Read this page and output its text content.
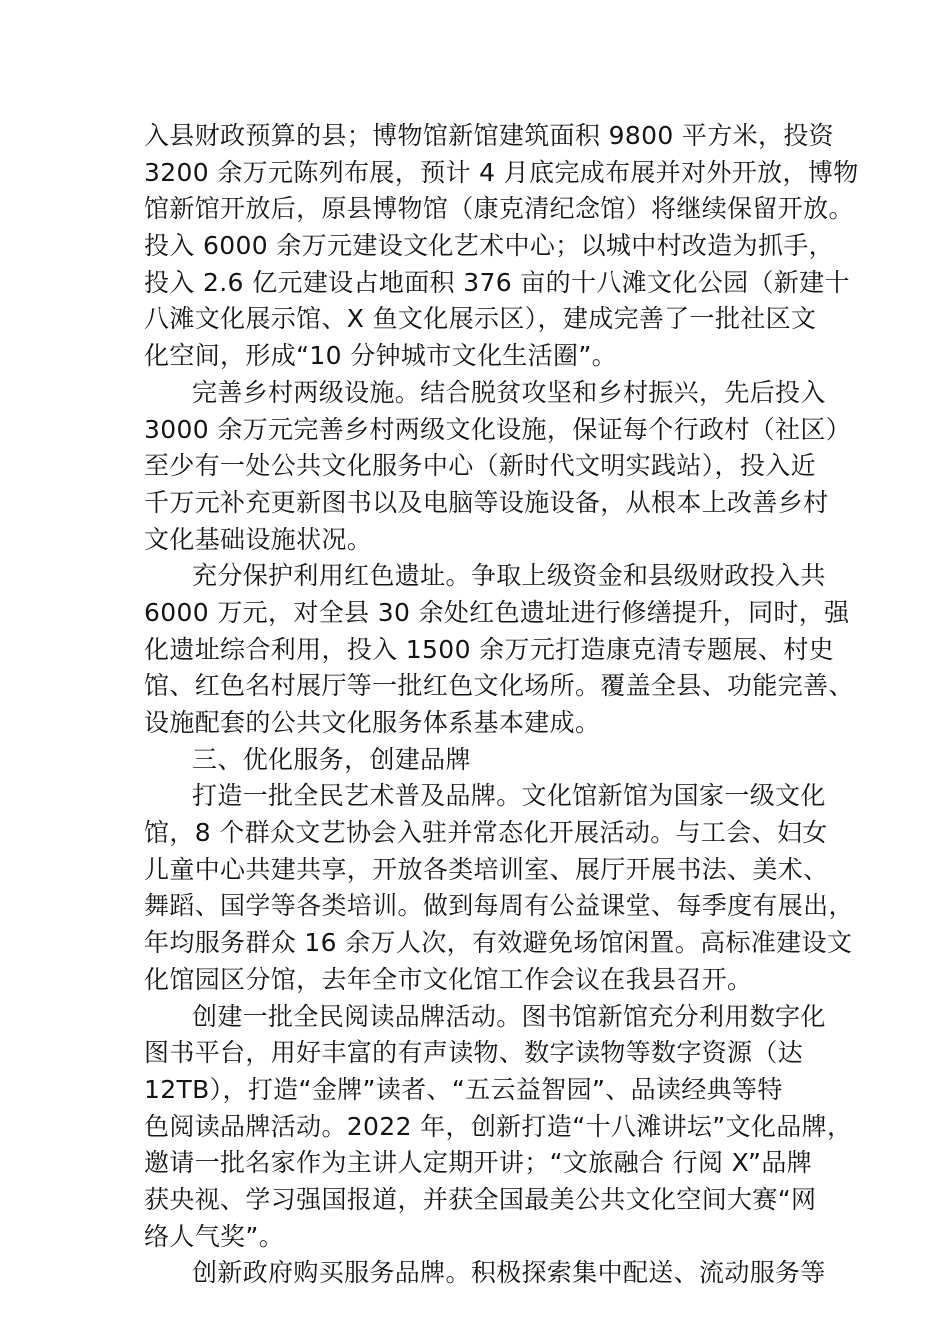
入县财政预算的县；博物馆新馆建筑面积 9800 平方米，投资
3200 余万元陈列布展，预计 4 月底完成布展并对外开放，博物
馆新馆开放后，原县博物馆（康克清纪念馆）将继续保留开放。
投入 6000 余万元建设文化艺术中心；以城中村改造为抓手，
投入 2.6 亿元建设占地面积 376 亩的十八滩文化公园（新建十
八滩文化展示馆、X 鱼文化展示区），建成完善了一批社区文
化空间，形成“10 分钟城市文化生活圈”。
完善乡村两级设施。结合脱贫攻坚和乡村振兴，先后投入
3000 余万元完善乡村两级文化设施，保证每个行政村（社区）
至少有一处公共文化服务中心（新时代文明实践站），投入近
千万元补充更新图书以及电脑等设施设备，从根本上改善乡村
文化基础设施状况。
充分保护利用红色遗址。争取上级资金和县级财政投入共
6000 万元，对全县 30 余处红色遗址进行修缮提升，同时，强
化遗址综合利用，投入 1500 余万元打造康克清专题展、村史
馆、红色名村展厅等一批红色文化场所。覆盖全县、功能完善、
设施配套的公共文化服务体系基本建成。
三、优化服务，创建品牌
打造一批全民艺术普及品牌。文化馆新馆为国家一级文化
馆，8 个群众文艺协会入驻并常态化开展活动。与工会、妇女
儿童中心共建共享，开放各类培训室、展厅开展书法、美术、
舞蹈、国学等各类培训。做到每周有公益课堂、每季度有展出，
年均服务群众 16 余万人次，有效避免场馆闲置。高标准建设文
化馆园区分馆，去年全市文化馆工作会议在我县召开。
创建一批全民阅读品牌活动。图书馆新馆充分利用数字化
图书平台，用好丰富的有声读物、数字读物等数字资源（达
12TB），打造“金牌”读者、“五云益智园”、品读经典等特
色阅读品牌活动。2022 年，创新打造“十八滩讲坛”文化品牌，
邀请一批名家作为主讲人定期开讲；“文旅融合 行阅 X”品牌
获央视、学习强国报道，并获全国最美公共文化空间大赛“网
络人气奖”。
创新政府购买服务品牌。积极探索集中配送、流动服务等
